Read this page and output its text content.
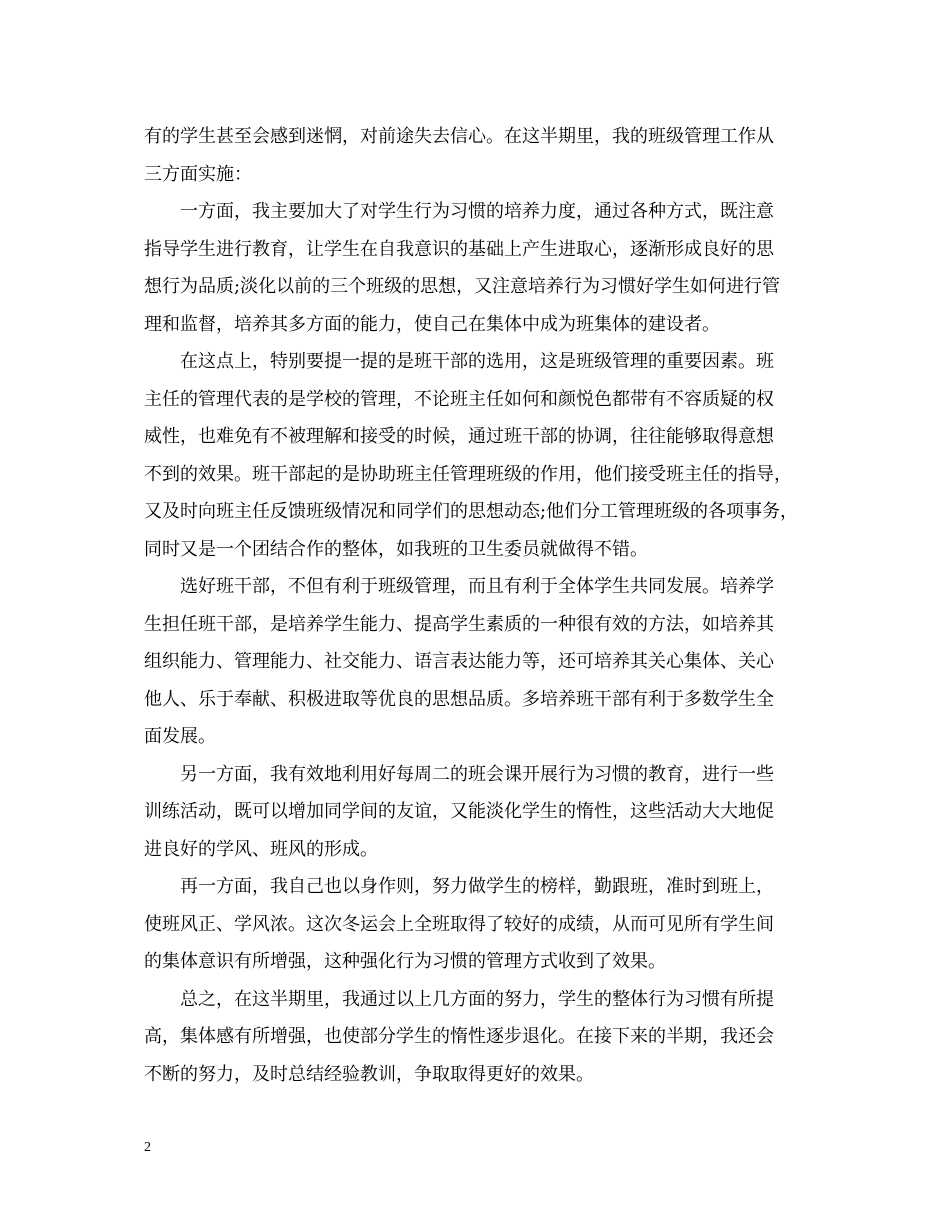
有的学生甚至会感到迷惘，对前途失去信心。在这半期里，我的班级管理工作从
三方面实施：
一方面，我主要加大了对学生行为习惯的培养力度，通过各种方式，既注意
指导学生进行教育，让学生在自我意识的基础上产生进取心，逐渐形成良好的思
想行为品质;淡化以前的三个班级的思想，又注意培养行为习惯好学生如何进行管
理和监督，培养其多方面的能力，使自己在集体中成为班集体的建设者。
在这点上，特别要提一提的是班干部的选用，这是班级管理的重要因素。班
主任的管理代表的是学校的管理，不论班主任如何和颜悦色都带有不容质疑的权
威性，也难免有不被理解和接受的时候，通过班干部的协调，往往能够取得意想
不到的效果。班干部起的是协助班主任管理班级的作用，他们接受班主任的指导，
又及时向班主任反馈班级情况和同学们的思想动态;他们分工管理班级的各项事务，
同时又是一个团结合作的整体，如我班的卫生委员就做得不错。
选好班干部，不但有利于班级管理，而且有利于全体学生共同发展。培养学
生担任班干部，是培养学生能力、提高学生素质的一种很有效的方法，如培养其
组织能力、管理能力、社交能力、语言表达能力等，还可培养其关心集体、关心
他人、乐于奉献、积极进取等优良的思想品质。多培养班干部有利于多数学生全
面发展。
另一方面，我有效地利用好每周二的班会课开展行为习惯的教育，进行一些
训练活动，既可以增加同学间的友谊，又能淡化学生的惰性，这些活动大大地促
进良好的学风、班风的形成。
再一方面，我自己也以身作则，努力做学生的榜样，勤跟班，准时到班上，
使班风正、学风浓。这次冬运会上全班取得了较好的成绩，从而可见所有学生间
的集体意识有所增强，这种强化行为习惯的管理方式收到了效果。
总之，在这半期里，我通过以上几方面的努力，学生的整体行为习惯有所提
高，集体感有所增强，也使部分学生的惰性逐步退化。在接下来的半期，我还会
不断的努力，及时总结经验教训，争取取得更好的效果。
2
